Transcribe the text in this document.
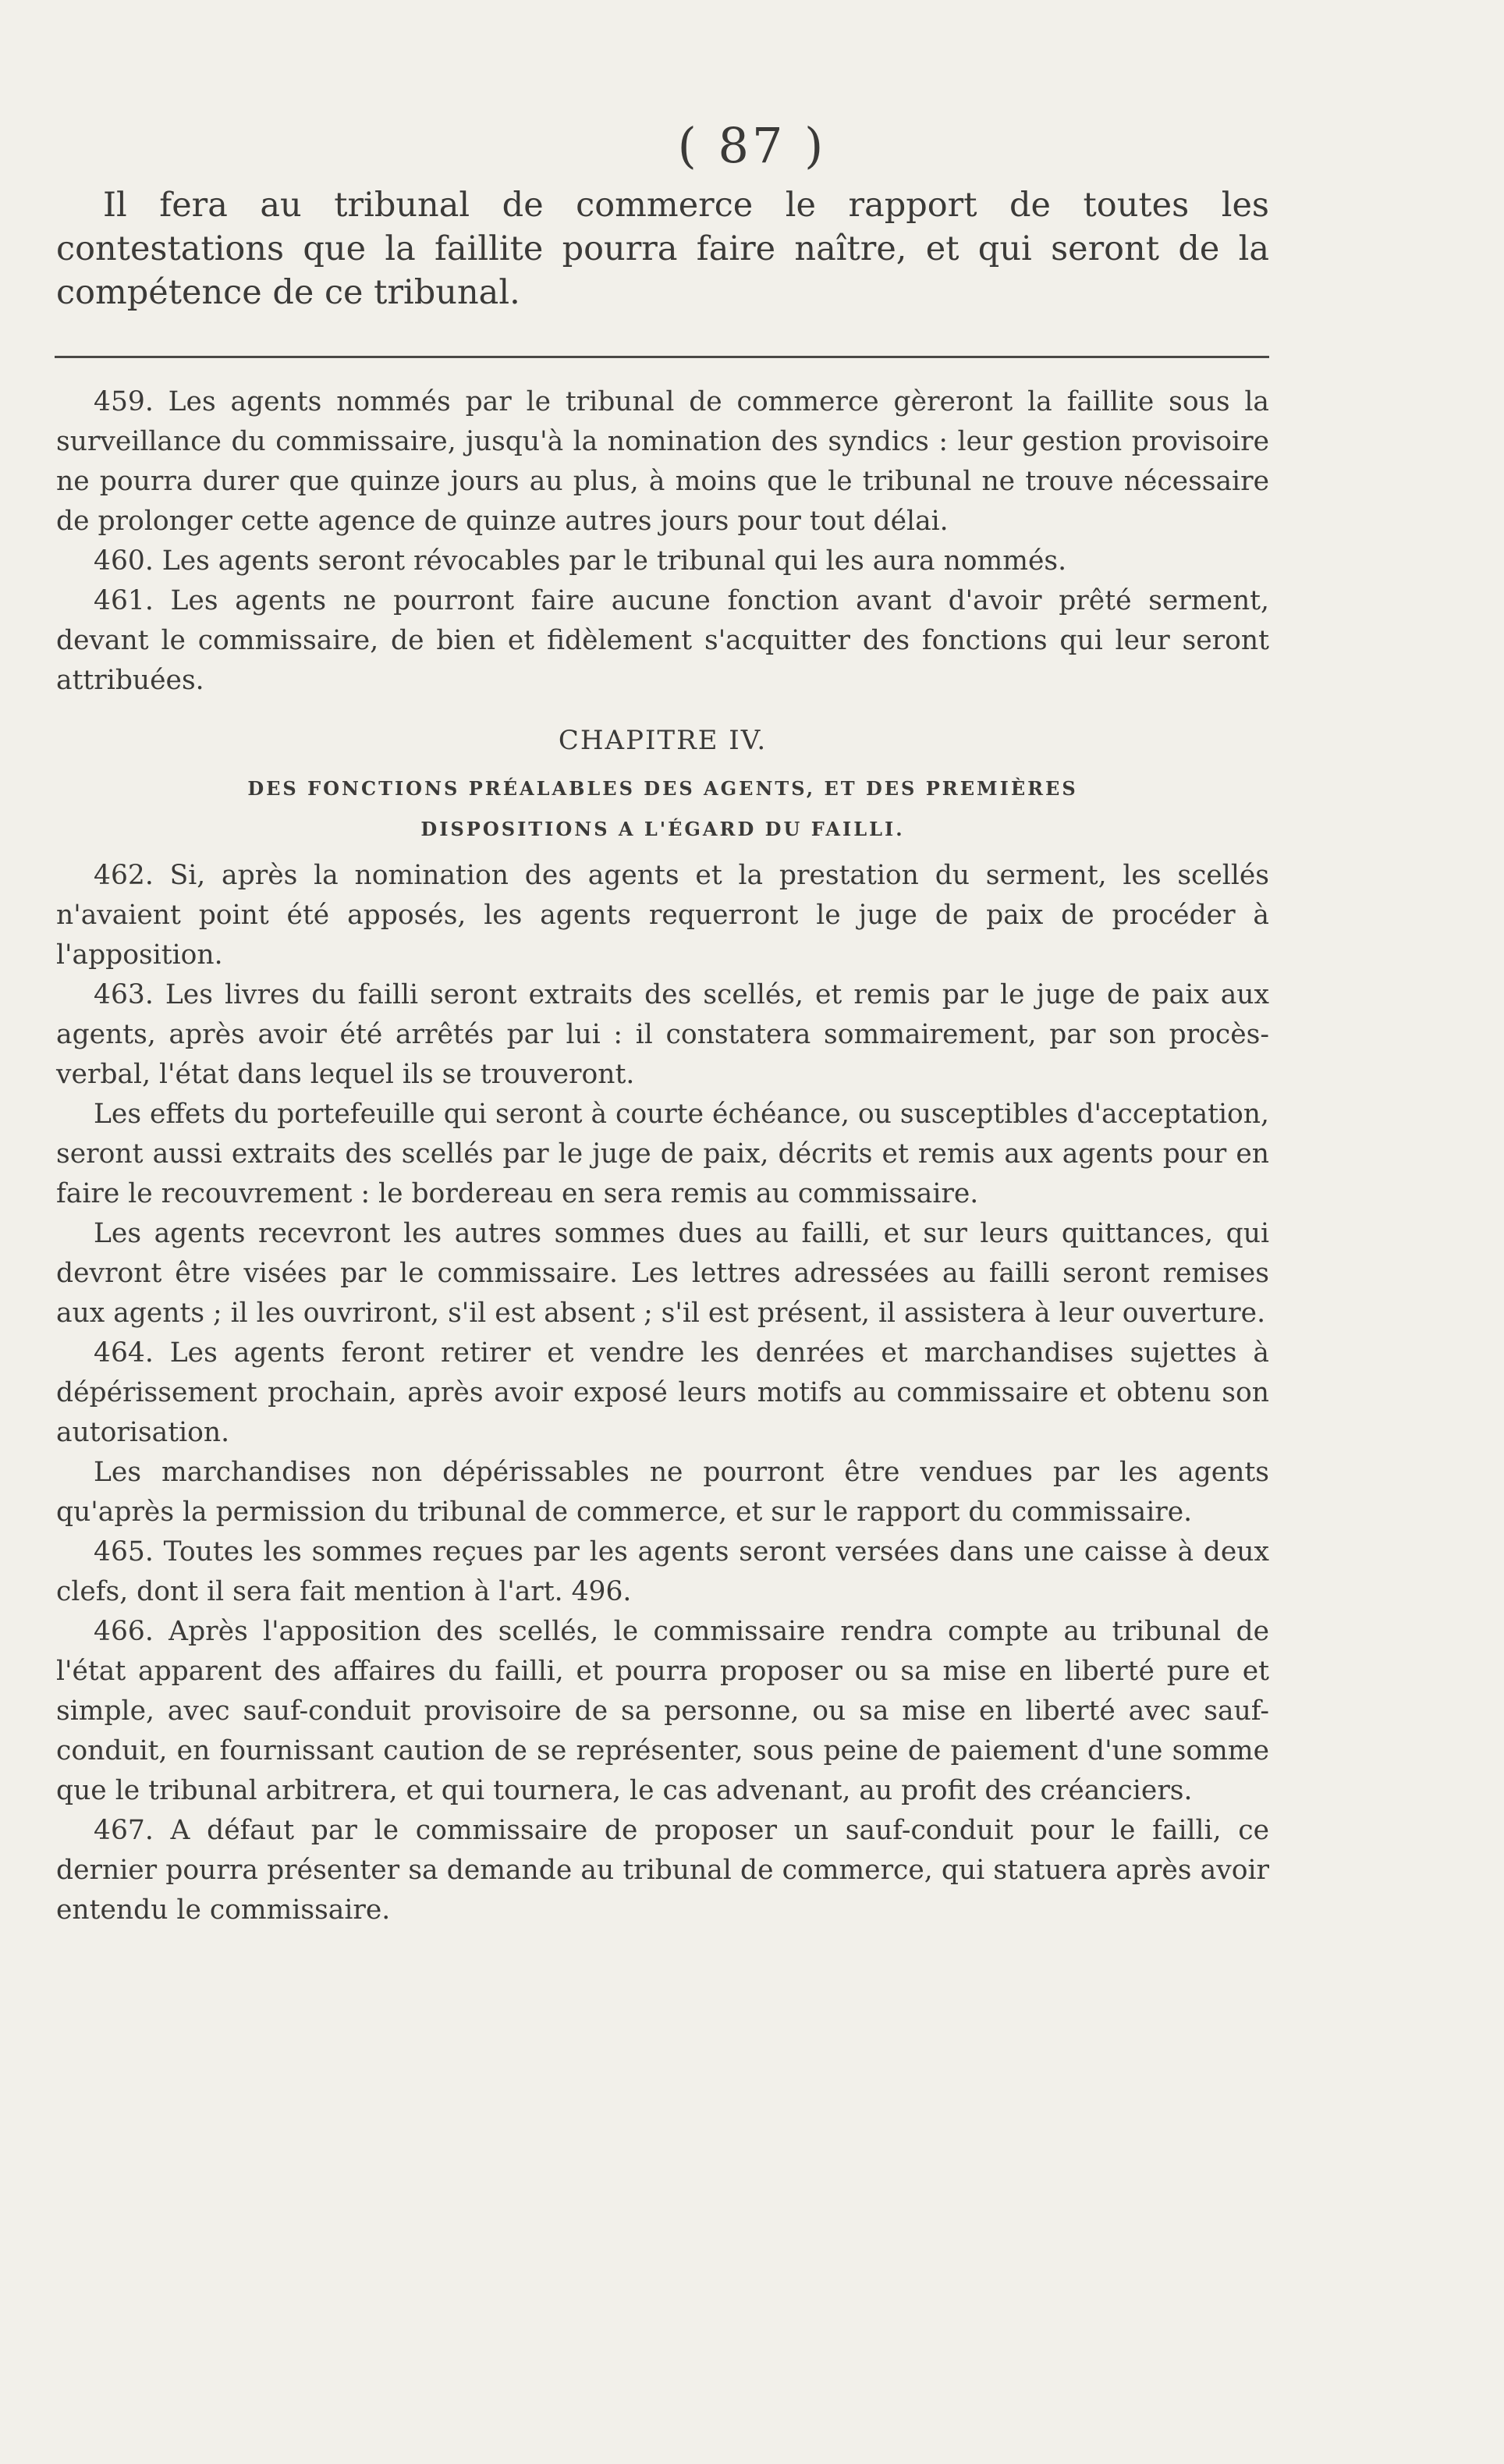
( 87 )

Il fera au tribunal de commerce le rapport de toutes les contestations que la faillite pourra faire naître, et qui seront de la compétence de ce tribunal.

459. Les agents nommés par le tribunal de commerce gèreront la faillite sous la surveillance du commissaire, jusqu'à la nomination des syndics : leur gestion provisoire ne pourra durer que quinze jours au plus, à moins que le tribunal ne trouve nécessaire de prolonger cette agence de quinze autres jours pour tout délai.

460. Les agents seront révocables par le tribunal qui les aura nommés.

461. Les agents ne pourront faire aucune fonction avant d'avoir prêté serment, devant le commissaire, de bien et fidèlement s'acquitter des fonctions qui leur seront attribuées.

CHAPITRE IV.
DES FONCTIONS PRÉALABLES DES AGENTS, ET DES PREMIÈRES
DISPOSITIONS A L'ÉGARD DU FAILLI.

462. Si, après la nomination des agents et la prestation du serment, les scellés n'avaient point été apposés, les agents requerront le juge de paix de procéder à l'apposition.

463. Les livres du failli seront extraits des scellés, et remis par le juge de paix aux agents, après avoir été arrêtés par lui : il constatera sommairement, par son procès-verbal, l'état dans lequel ils se trouveront.

Les effets du portefeuille qui seront à courte échéance, ou susceptibles d'acceptation, seront aussi extraits des scellés par le juge de paix, décrits et remis aux agents pour en faire le recouvrement : le bordereau en sera remis au commissaire.

Les agents recevront les autres sommes dues au failli, et sur leurs quittances, qui devront être visées par le commissaire. Les lettres adressées au failli seront remises aux agents ; il les ouvriront, s'il est absent ; s'il est présent, il assistera à leur ouverture.

464. Les agents feront retirer et vendre les denrées et marchandises sujettes à dépérissement prochain, après avoir exposé leurs motifs au commissaire et obtenu son autorisation.

Les marchandises non dépérissables ne pourront être vendues par les agents qu'après la permission du tribunal de commerce, et sur le rapport du commissaire.

465. Toutes les sommes reçues par les agents seront versées dans une caisse à deux clefs, dont il sera fait mention à l'art. 496.

466. Après l'apposition des scellés, le commissaire rendra compte au tribunal de l'état apparent des affaires du failli, et pourra proposer ou sa mise en liberté pure et simple, avec sauf-conduit provisoire de sa personne, ou sa mise en liberté avec sauf-conduit, en fournissant caution de se représenter, sous peine de paiement d'une somme que le tribunal arbitrera, et qui tournera, le cas advenant, au profit des créanciers.

467. A défaut par le commissaire de proposer un sauf-conduit pour le failli, ce dernier pourra présenter sa demande au tribunal de commerce, qui statuera après avoir entendu le commissaire.
